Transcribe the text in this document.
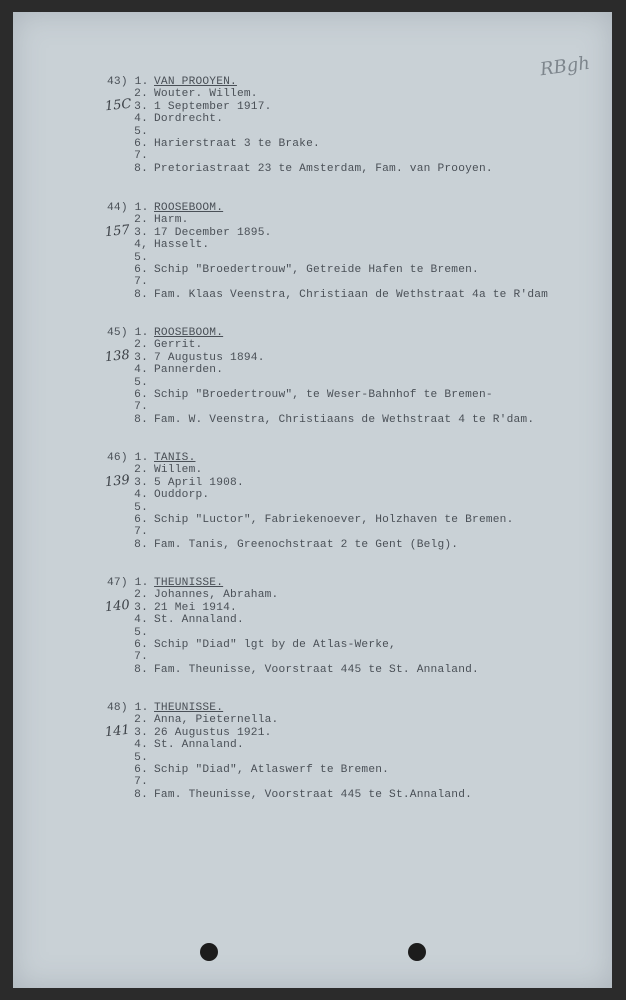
RBgh
43) 1. VAN PROOYEN.
2. Wouter. Willem.
3. 1 September 1917.
4. Dordrecht.
5.
6. Harierstraat 3 te Brake.
7.
8. Pretoriastraat 23 te Amsterdam, Fam. van Prooyen.
15C
44) 1. ROOSEBOOM.
2. Harm.
3. 17 December 1895.
4, Hasselt.
5.
6. Schip "Broedertrouw", Getreide Hafen te Bremen.
7.
8. Fam. Klaas Veenstra, Christiaan de Wethstraat 4a te R'dam
157
45) 1. ROOSEBOOM.
2. Gerrit.
3. 7 Augustus 1894.
4. Pannerden.
5.
6. Schip "Broedertrouw", te Weser-Bahnhof te Bremen-
7.
8. Fam. W. Veenstra, Christiaans de Wethstraat 4 te R'dam.
138
46) 1. TANIS.
2. Willem.
3. 5 April 1908.
4. Ouddorp.
5.
6. Schip "Luctor", Fabriekenoever, Holzhaven te Bremen.
7.
8. Fam. Tanis, Greenochstraat 2 te Gent (Belg).
139
47) 1. THEUNISSE.
2. Johannes, Abraham.
3. 21 Mei 1914.
4. St. Annaland.
5.
6. Schip "Diad" lgt by de Atlas-Werke,
7.
8. Fam. Theunisse, Voorstraat 445 te St. Annaland.
140
48) 1. THEUNISSE.
2. Anna, Pieternella.
3. 26 Augustus 1921.
4. St. Annaland.
5.
6. Schip "Diad", Atlaswerf te Bremen.
7.
8. Fam. Theunisse, Voorstraat 445 te St.Annaland.
141
